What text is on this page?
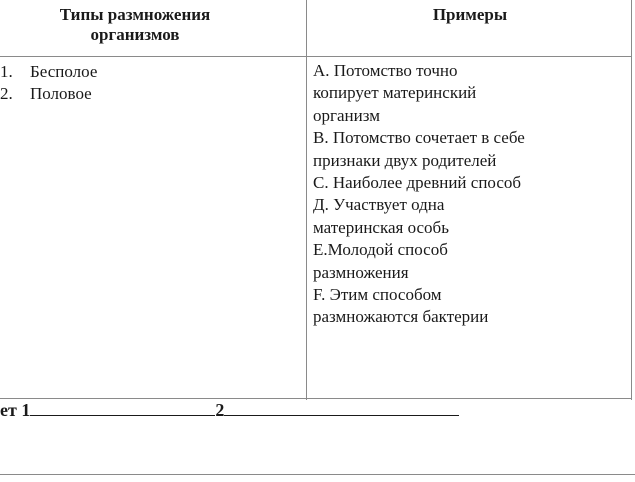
Типы размножения организмов
Примеры
1. Бесполое
2. Половое
А. Потомство точно
копирует материнский
организм
В. Потомство сочетает в себе
признаки двух родителей
С. Наиболее древний способ
Д. Участвует одна
материнская особь
Е.Молодой способ
размножения
F. Этим способом
размножаются бактерии
ет 1	2
